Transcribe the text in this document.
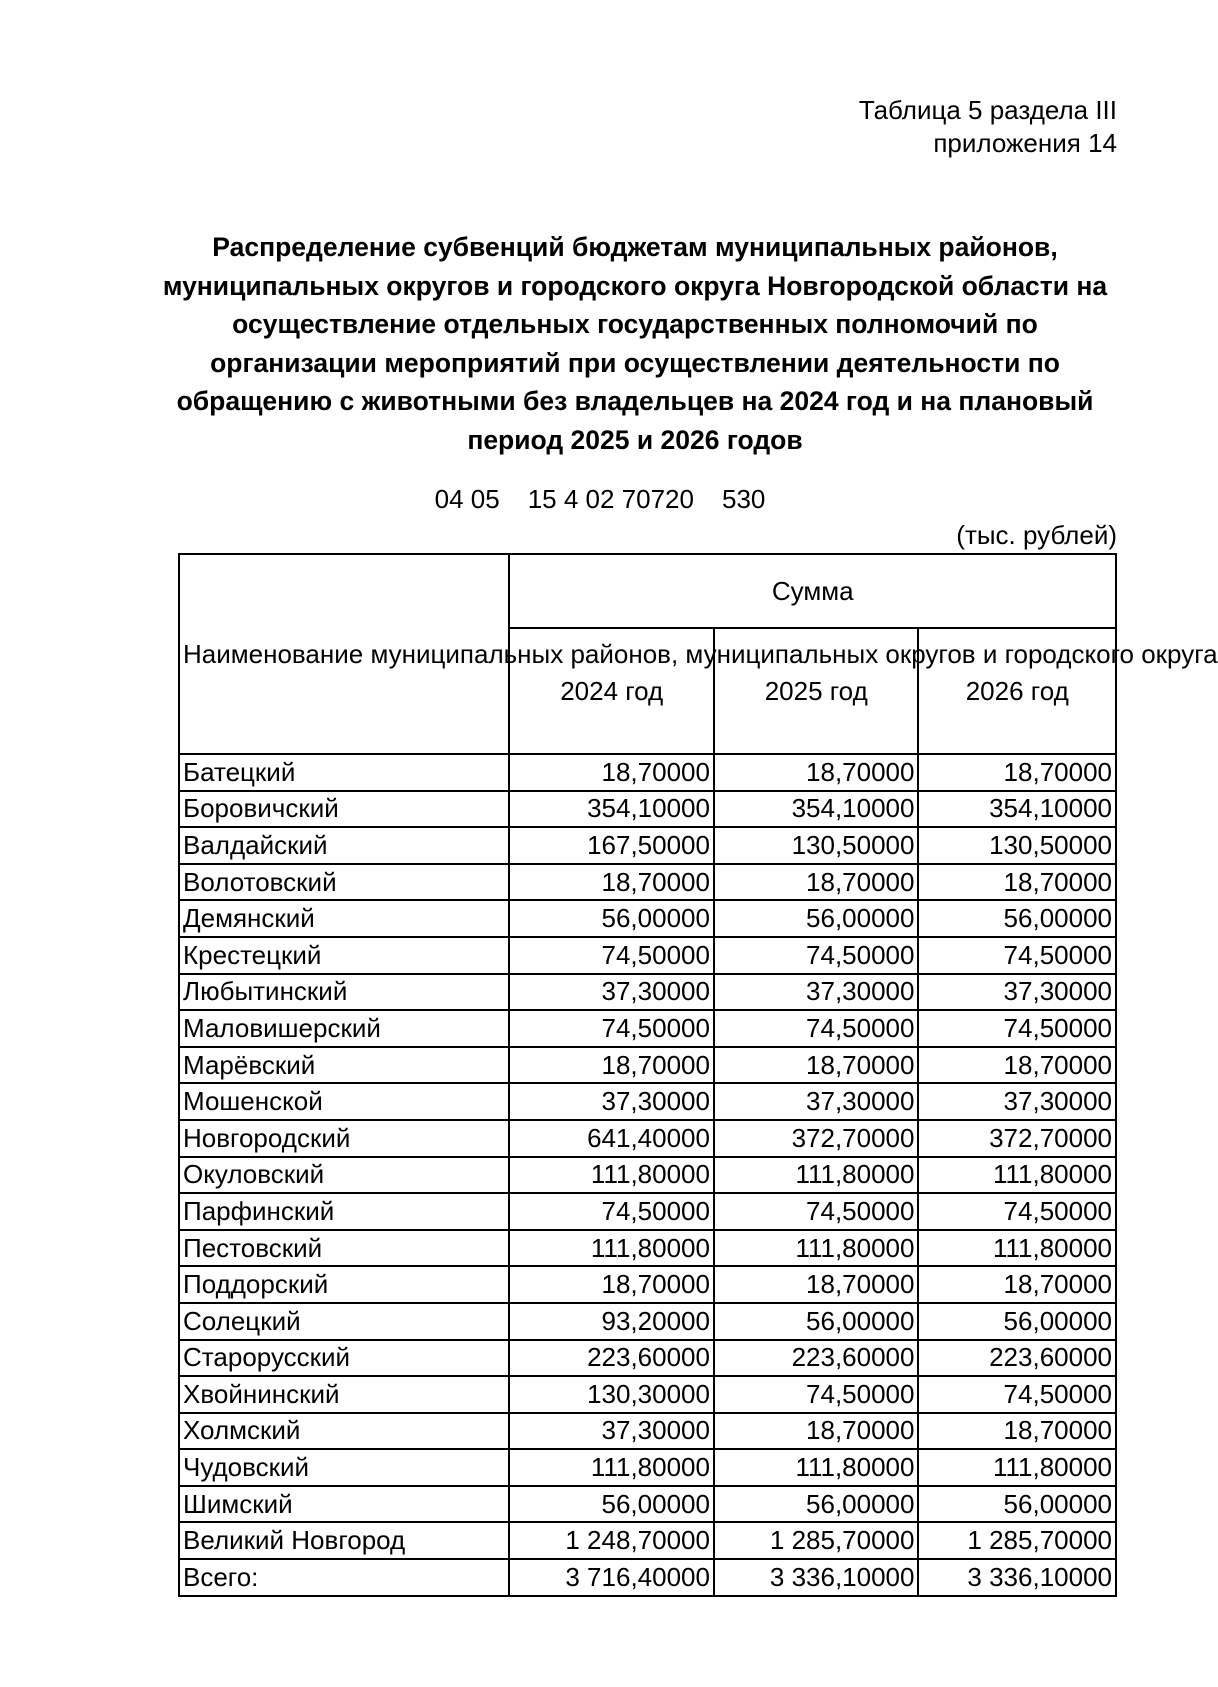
Таблица 5 раздела III
приложения 14
Распределение субвенций бюджетам муниципальных районов,
муниципальных округов и городского округа Новгородской области на
осуществление отдельных государственных полномочий по
организации мероприятий при осуществлении деятельности по
обращению с животными без владельцев на 2024 год и на плановый
период 2025 и 2026 годов
04 05 15 4 02 70720 530
(тыс. рублей)
Наименование муниципальных районов, муниципальных округов и городского округа	Сумма		
	2024 год	2025 год	2026 год
Батецкий	18,70000	18,70000	18,70000
Боровичский	354,10000	354,10000	354,10000
Валдайский	167,50000	130,50000	130,50000
Волотовский	18,70000	18,70000	18,70000
Демянский	56,00000	56,00000	56,00000
Крестецкий	74,50000	74,50000	74,50000
Любытинский	37,30000	37,30000	37,30000
Маловишерский	74,50000	74,50000	74,50000
Марёвский	18,70000	18,70000	18,70000
Мошенской	37,30000	37,30000	37,30000
Новгородский	641,40000	372,70000	372,70000
Окуловский	111,80000	111,80000	111,80000
Парфинский	74,50000	74,50000	74,50000
Пестовский	111,80000	111,80000	111,80000
Поддорский	18,70000	18,70000	18,70000
Солецкий	93,20000	56,00000	56,00000
Старорусский	223,60000	223,60000	223,60000
Хвойнинский	130,30000	74,50000	74,50000
Холмский	37,30000	18,70000	18,70000
Чудовский	111,80000	111,80000	111,80000
Шимский	56,00000	56,00000	56,00000
Великий Новгород	1 248,70000	1 285,70000	1 285,70000
Всего:	3 716,40000	3 336,10000	3 336,10000
